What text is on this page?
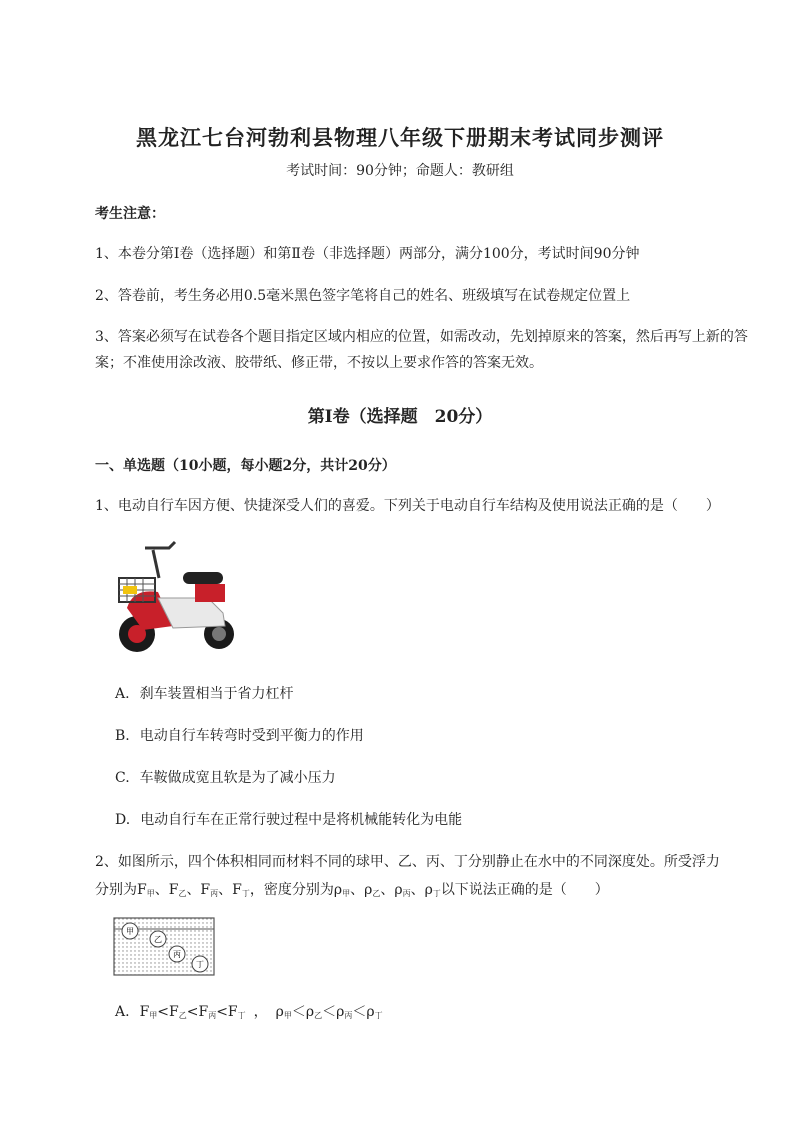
黑龙江七台河勃利县物理八年级下册期末考试同步测评
考试时间：90分钟；命题人：教研组
考生注意：
1、本卷分第I卷（选择题）和第Ⅱ卷（非选择题）两部分，满分100分，考试时间90分钟
2、答卷前，考生务必用0.5毫米黑色签字笔将自己的姓名、班级填写在试卷规定位置上
3、答案必须写在试卷各个题目指定区域内相应的位置，如需改动，先划掉原来的答案，然后再写上新的答案；不准使用涂改液、胶带纸、修正带，不按以上要求作答的答案无效。
第I卷（选择题　20分）
一、单选题（10小题，每小题2分，共计20分）
1、电动自行车因方便、快捷深受人们的喜爱。下列关于电动自行车结构及使用说法正确的是（　　）
A. 刹车装置相当于省力杠杆
B. 电动自行车转弯时受到平衡力的作用
C. 车鞍做成宽且软是为了减小压力
D. 电动自行车在正常行驶过程中是将机械能转化为电能
2、如图所示，四个体积相同而材料不同的球甲、乙、丙、丁分别静止在水中的不同深度处。所受浮力
分别为$F_甲$、$F_乙$、$F_丙$、$F_丁$，密度分别为$\rho_甲$、$\rho_乙$、$\rho_丙$、$\rho_丁$以下说法正确的是（　　）
甲
乙
丙
丁
A. $F_甲<F_乙<F_丙<F_丁$ ， $\rho_甲<\rho_乙<\rho_丙<\rho_丁$
